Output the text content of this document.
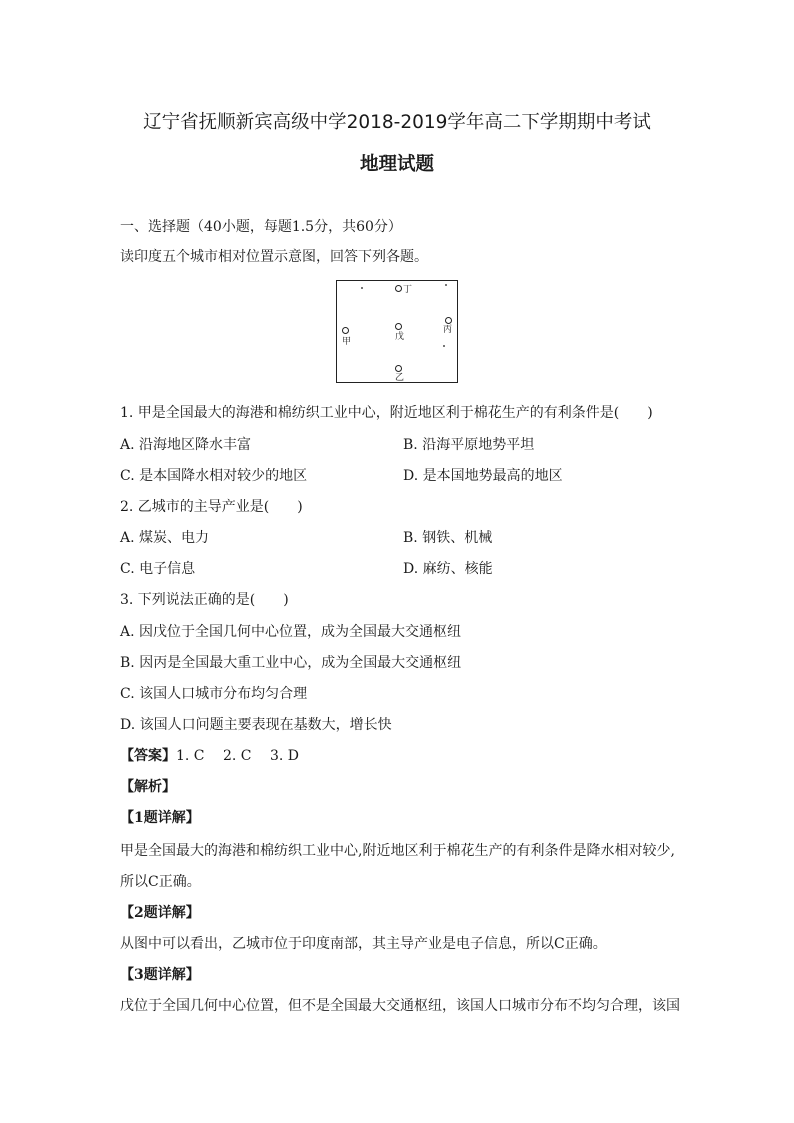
辽宁省抚顺新宾高级中学2018-2019学年高二下学期期中考试
地理试题
一、选择题（40小题，每题1.5分，共60分）
读印度五个城市相对位置示意图，回答下列各题。
丁
丙
甲	戊
乙
1. 甲是全国最大的海港和棉纺织工业中心，附近地区利于棉花生产的有利条件是(　　)
A. 沿海地区降水丰富	B. 沿海平原地势平坦
C. 是本国降水相对较少的地区	D. 是本国地势最高的地区
2. 乙城市的主导产业是(　　)
A. 煤炭、电力	B. 钢铁、机械
C. 电子信息	D. 麻纺、核能
3. 下列说法正确的是(　　)
A. 因戊位于全国几何中心位置，成为全国最大交通枢纽
B. 因丙是全国最大重工业中心，成为全国最大交通枢纽
C. 该国人口城市分布均匀合理
D. 该国人口问题主要表现在基数大，增长快
【答案】1. C　 2. C　 3. D
【解析】
【1题详解】
甲是全国最大的海港和棉纺织工业中心,附近地区利于棉花生产的有利条件是降水相对较少,
所以C正确。
【2题详解】
从图中可以看出，乙城市位于印度南部，其主导产业是电子信息，所以C正确。
【3题详解】
戊位于全国几何中心位置，但不是全国最大交通枢纽，该国人口城市分布不均匀合理，该国
